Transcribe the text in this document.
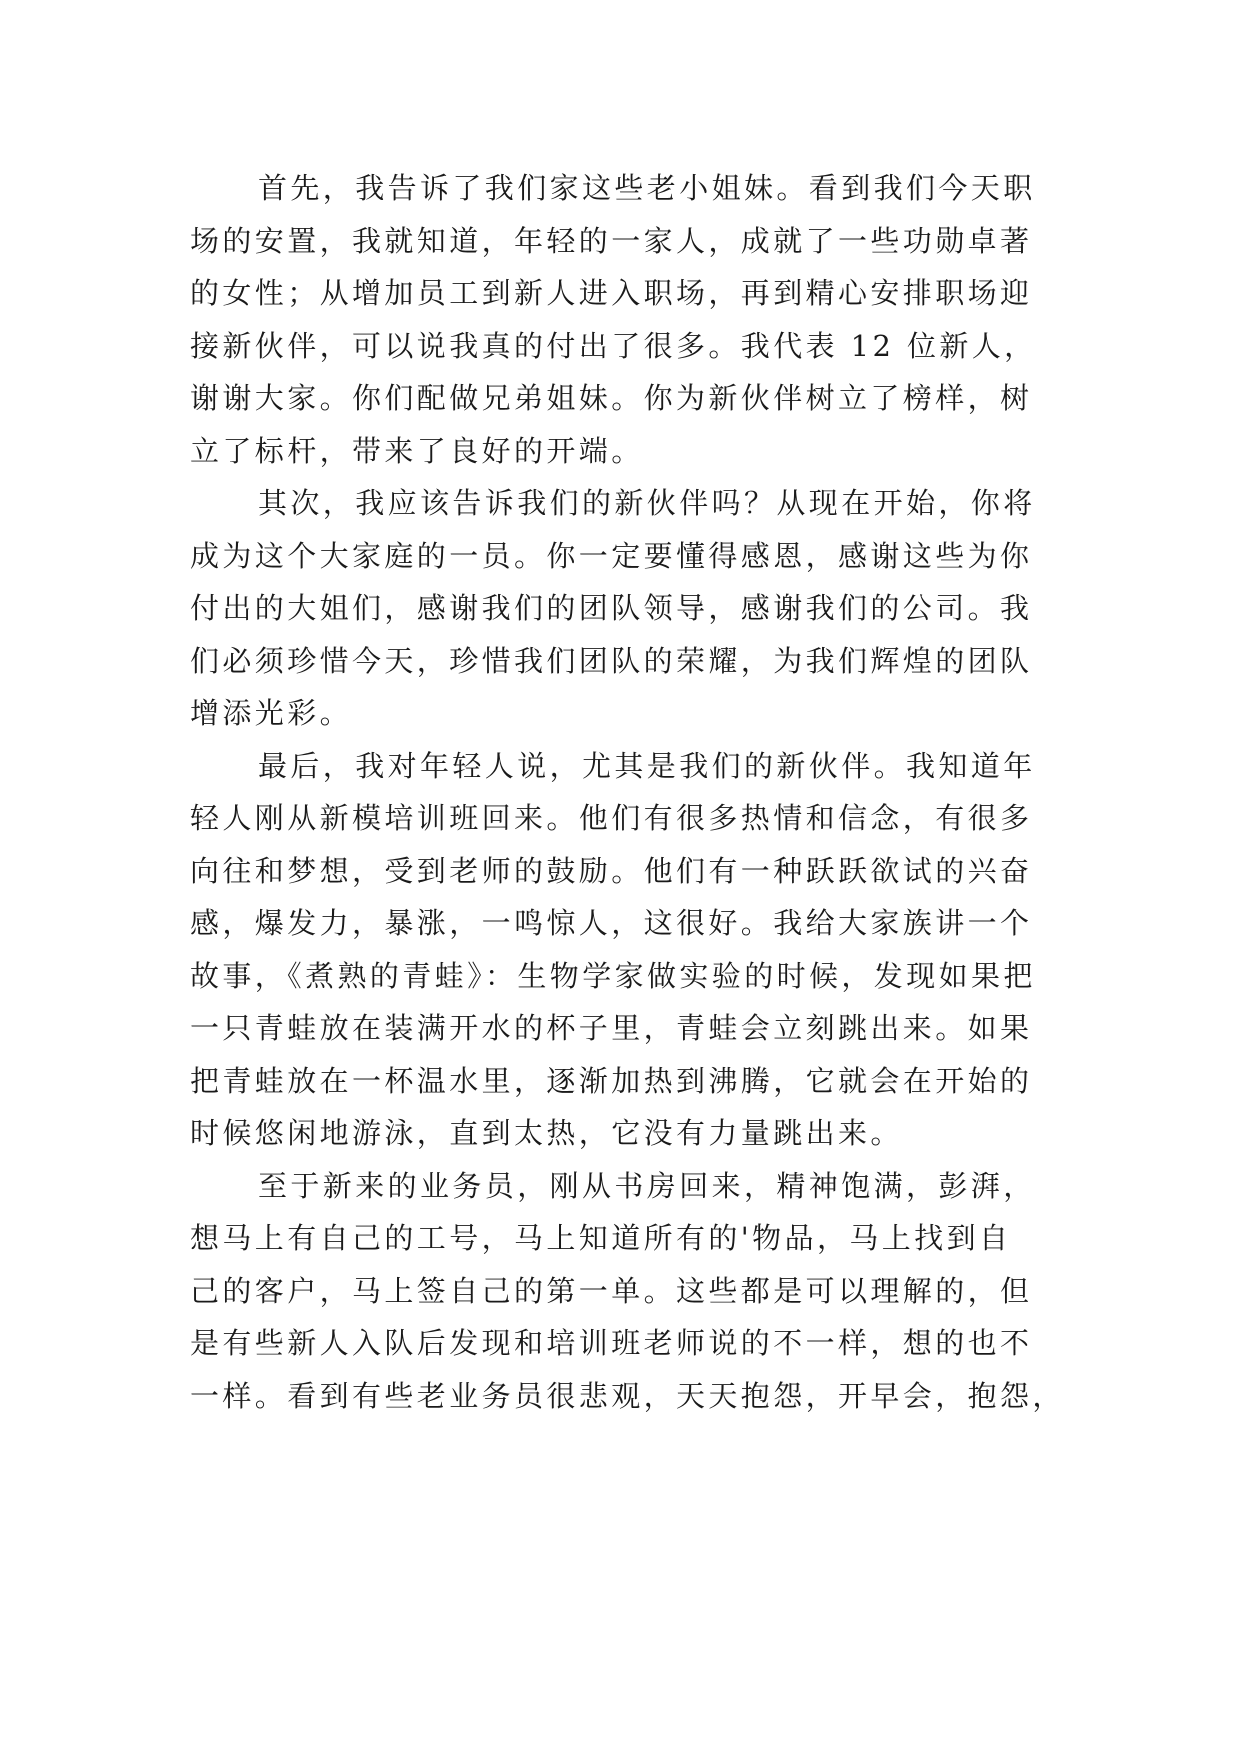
首先，我告诉了我们家这些老小姐妹。看到我们今天职
场的安置，我就知道，年轻的一家人，成就了一些功勋卓著
的女性；从增加员工到新人进入职场，再到精心安排职场迎
接新伙伴，可以说我真的付出了很多。我代表 12 位新人，
谢谢大家。你们配做兄弟姐妹。你为新伙伴树立了榜样，树
立了标杆，带来了良好的开端。
其次，我应该告诉我们的新伙伴吗？从现在开始，你将
成为这个大家庭的一员。你一定要懂得感恩，感谢这些为你
付出的大姐们，感谢我们的团队领导，感谢我们的公司。我
们必须珍惜今天，珍惜我们团队的荣耀，为我们辉煌的团队
增添光彩。
最后，我对年轻人说，尤其是我们的新伙伴。我知道年
轻人刚从新模培训班回来。他们有很多热情和信念，有很多
向往和梦想，受到老师的鼓励。他们有一种跃跃欲试的兴奋
感，爆发力，暴涨，一鸣惊人，这很好。我给大家族讲一个
故事，《煮熟的青蛙》：生物学家做实验的时候，发现如果把
一只青蛙放在装满开水的杯子里，青蛙会立刻跳出来。如果
把青蛙放在一杯温水里，逐渐加热到沸腾，它就会在开始的
时候悠闲地游泳，直到太热，它没有力量跳出来。
至于新来的业务员，刚从书房回来，精神饱满，彭湃，
想马上有自己的工号，马上知道所有的'物品，马上找到自
己的客户，马上签自己的第一单。这些都是可以理解的，但
是有些新人入队后发现和培训班老师说的不一样，想的也不
一样。看到有些老业务员很悲观，天天抱怨，开早会，抱怨，
